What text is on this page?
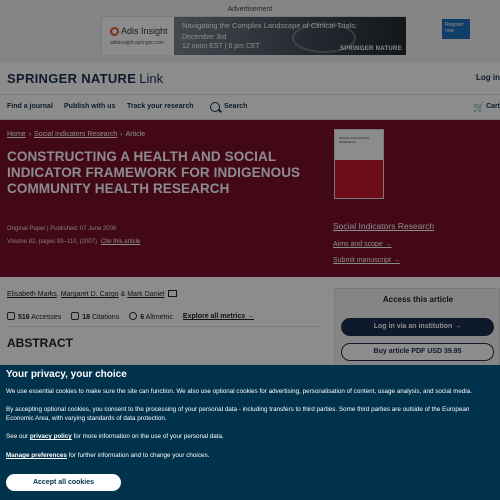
Advertisement
Adis Insight
adisinsight.springer.com
Navigating the Complex Landscape of Clinical Trials:
December 3rd
12 noon EST | 6 pm CET
Register now
SPRINGER NATURE
SPRINGER NATURE Link	Log in
Find a journal Publish with us Track your research	Search	🛒 Cart
Home › Social Indicators Research › Article
CONSTRUCTING A HEALTH AND SOCIAL INDICATOR FRAMEWORK FOR INDIGENOUS COMMUNITY HEALTH RESEARCH
Original Paper | Published: 07 June 2006
Volume 82, pages 93–110, (2007) Cite this article
SOCIAL INDICATORS RESEARCH
Social Indicators Research
Aims and scope →
Submit manuscript →
Elisabeth Marks, Margaret D. Cargo & Mark Daniel
516 Accesses	18 Citations	6 Altmetric Explore all metrics →
ABSTRACT
Access this article
Log in via an institution →
Buy article PDF USD 39.95
Your privacy, your choice
We use essential cookies to make sure the site can function. We also use optional cookies for advertising, personalisation of content, usage analysis, and social media.
By accepting optional cookies, you consent to the processing of your personal data - including transfers to third parties. Some third parties are outside of the European Economic Area, with varying standards of data protection.
See our privacy policy for more information on the use of your personal data.
Manage preferences for further information and to change your choices.
Accept all cookies
